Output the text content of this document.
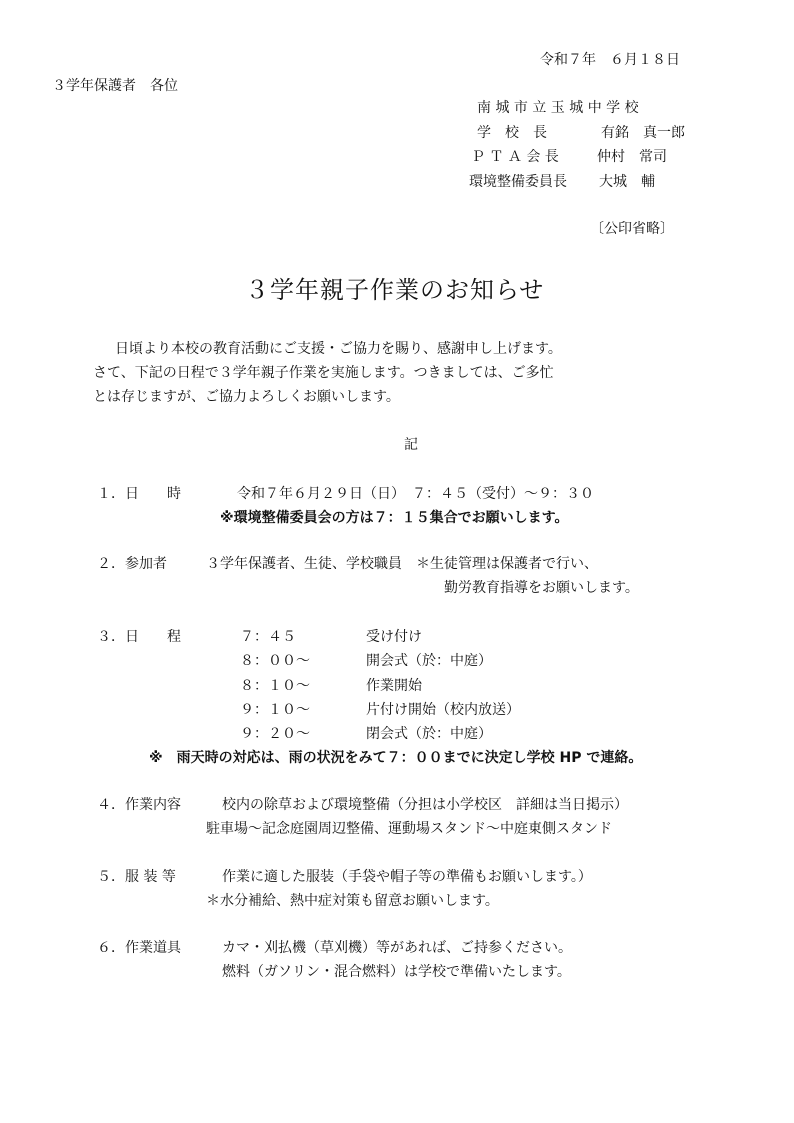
令和７年　６月１８日
３学年保護者　各位
南 城 市 立 玉 城 中 学 校
学　校　長	有銘　真一郎
Ｐ Ｔ Ａ 会 長	仲村　常司
環境整備委員長 大城　輔
〔公印省略〕
３学年親子作業のお知らせ
　日頃より本校の教育活動にご支援・ご協力を賜り、感謝申し上げます。
さて、下記の日程で３学年親子作業を実施します。つきましては、ご多忙
とは存じますが、ご協力よろしくお願いします。
記
１．日　　時	令和７年６月２９日（日）　７：４５（受付）～９：３０
※環境整備委員会の方は７：１５集合でお願いします。
２．参加者	３学年保護者、生徒、学校職員　＊生徒管理は保護者で行い、
勤労教育指導をお願いします。
３．日　　程	７：４５	受け付け
８：００～	開会式（於：中庭）
８：１０～	作業開始
９：１０～	片付け開始（校内放送）
９：２０～	閉会式（於：中庭）
※　雨天時の対応は、雨の状況をみて７：００までに決定し学校 HP で連絡。
４．作業内容	校内の除草および環境整備（分担は小学校区　詳細は当日掲示）
駐車場～記念庭園周辺整備、運動場スタンド～中庭東側スタンド
５．服 装 等	作業に適した服装（手袋や帽子等の準備もお願いします。）
＊水分補給、熱中症対策も留意お願いします。
６．作業道具	カマ・刈払機（草刈機）等があれば、ご持参ください。
燃料（ガソリン・混合燃料）は学校で準備いたします。
